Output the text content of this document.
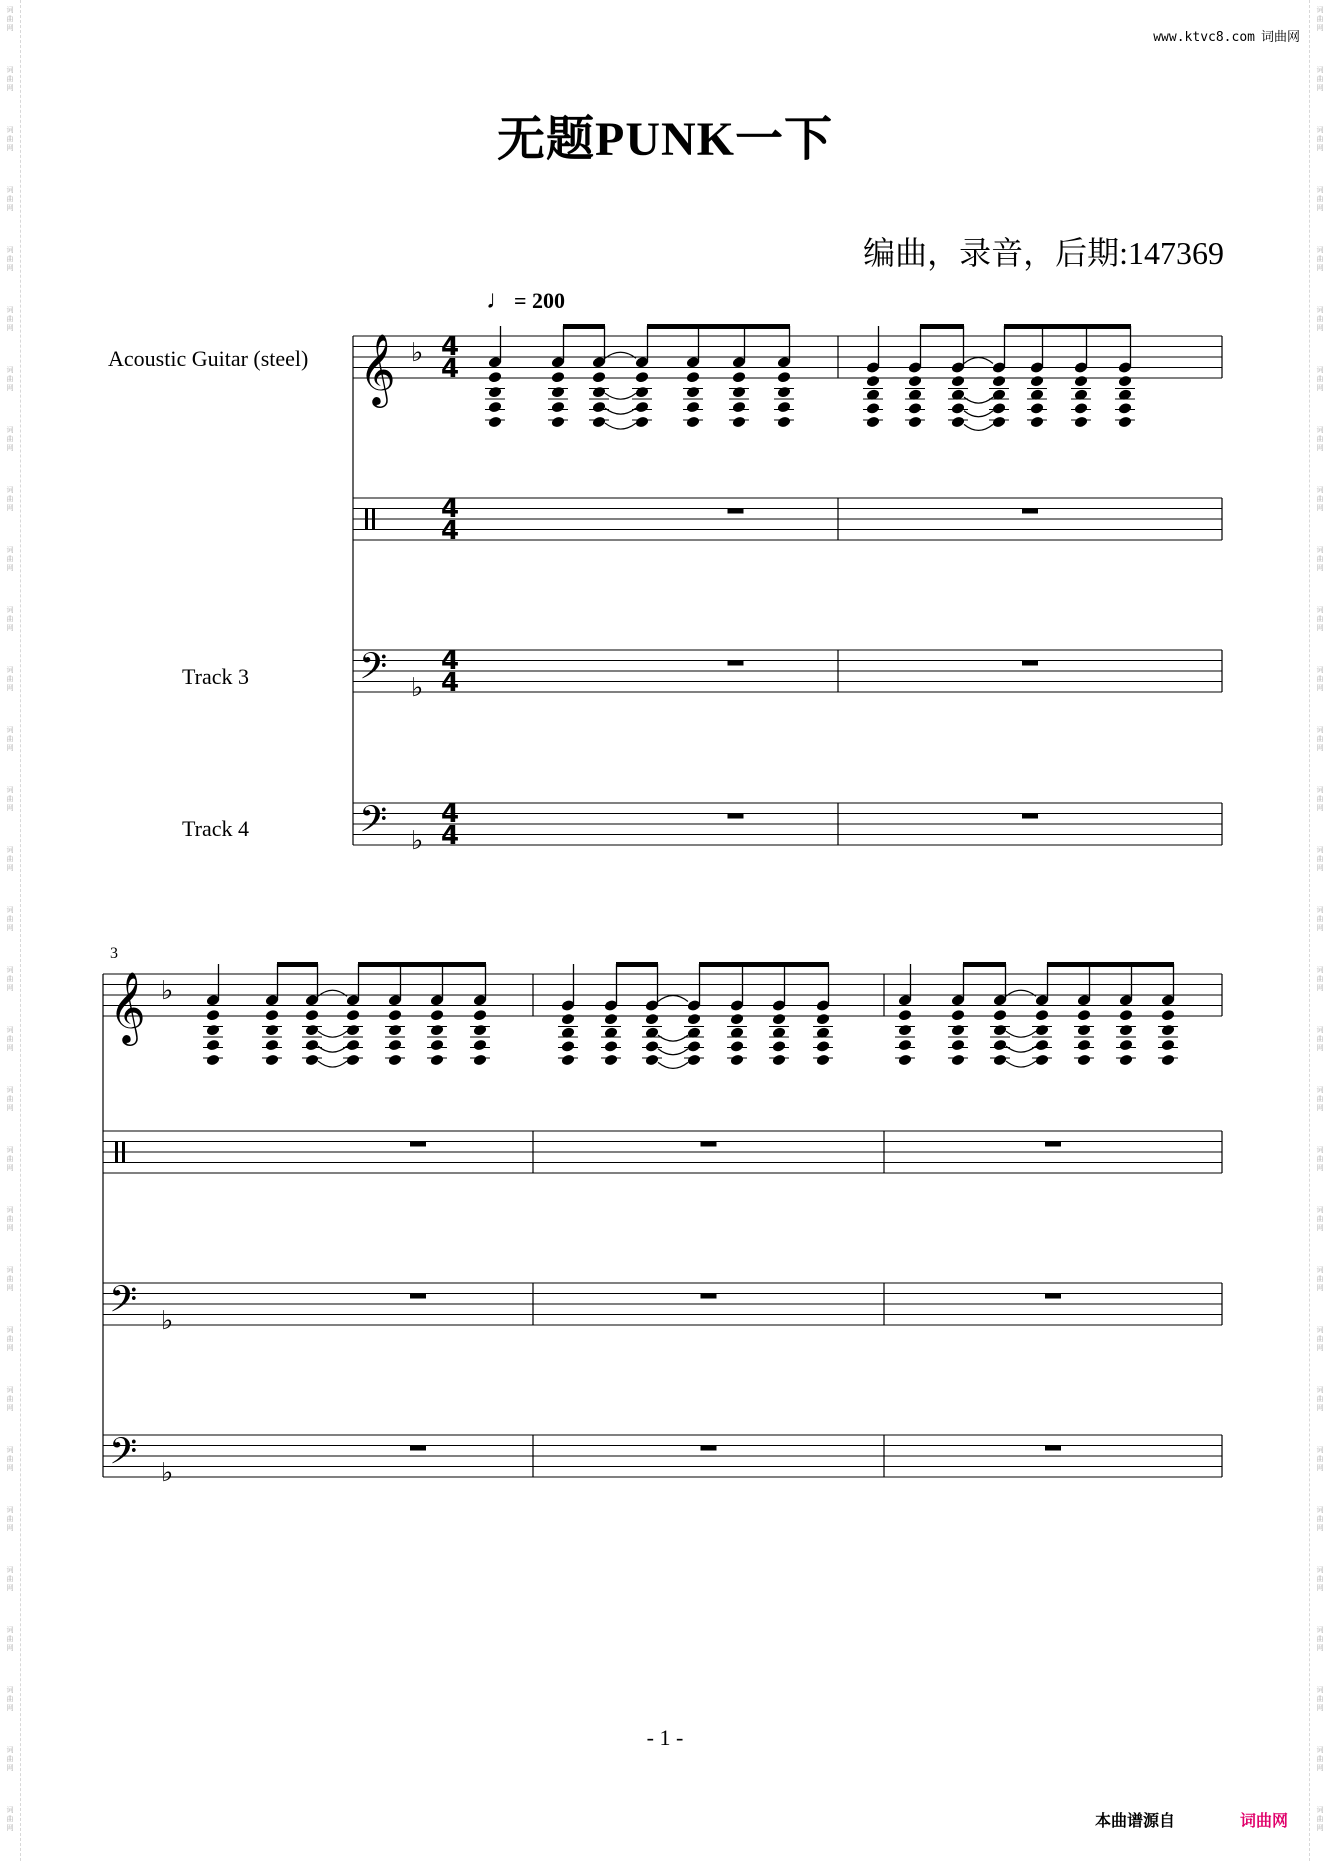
词
曲
网
词
曲
网
词
曲
网
词
曲
网
词
曲
网
词
曲
网
词
曲
网
词
曲
网
词
曲
网
词
曲
网
词
曲
网
词
曲
网
词
曲
网
词
曲
网
词
曲
网
词
曲
网
词
曲
网
词
曲
网
词
曲
网
词
曲
网
词
曲
网
词
曲
网
词
曲
网
词
曲
网
词
曲
网
词
曲
网
词
曲
网
词
曲
网
词
曲
网
词
曲
网
词
曲
网
词
曲
网
词
曲
网
词
曲
网
词
曲
网
词
曲
网
词
曲
网
词
曲
网
词
曲
网
词
曲
网
词
曲
网
词
曲
网
词
曲
网
词
曲
网
词
曲
网
词
曲
网
词
曲
网
词
曲
网
词
曲
网
词
曲
网
词
曲
网
词
曲
网
词
曲
网
词
曲
网
词
曲
网
词
曲
网
词
曲
网
词
曲
网
词
曲
网
词
曲
网
词
曲
网
词
曲
网
www.ktvc8.com 词曲网
无题PUNK一下
编曲，录音，后期:147369
♩= 200
Acoustic Guitar (steel)
Track 3
Track 4
3
𝄞 ♭ 4
4
4
4
𝄢 ♭
4
4
𝄢 ♭
4
4
𝄞 ♭
𝄢 ♭
𝄢 ♭
- 1 -
本曲谱源自	词曲网
